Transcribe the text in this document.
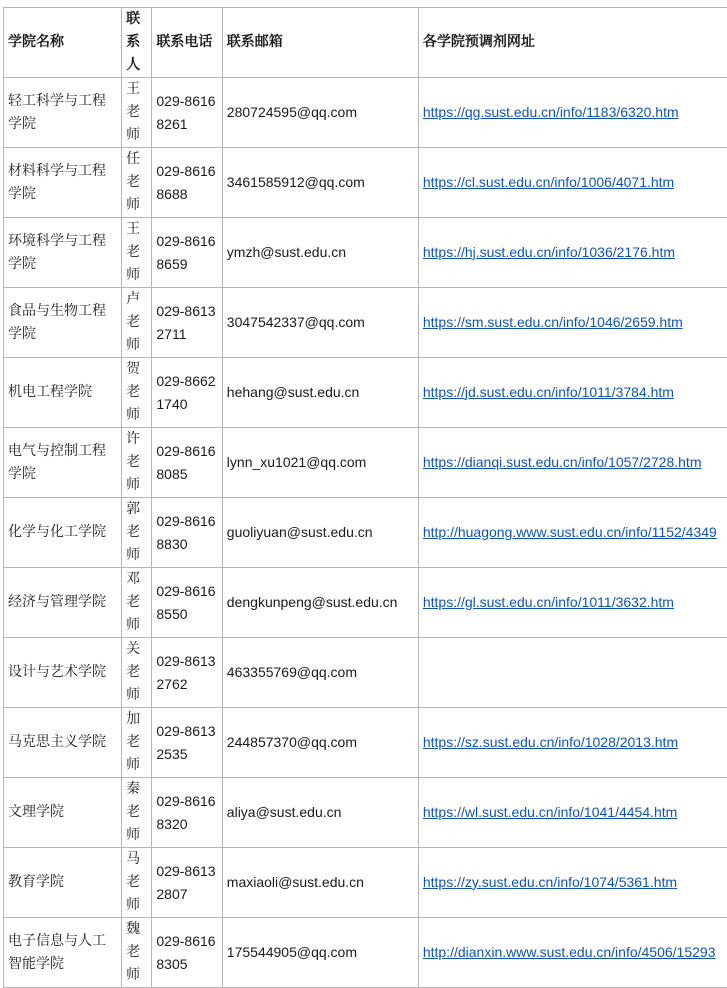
学院名称	联系人	联系电话	联系邮箱	各学院预调剂网址
轻工科学与工程学院	王老师	029-86168261	280724595@qq.com	https://qg.sust.edu.cn/info/1183/6320.htm
材料科学与工程学院	任老师	029-86168688	3461585912@qq.com	https://cl.sust.edu.cn/info/1006/4071.htm
环境科学与工程学院	王老师	029-86168659	ymzh@sust.edu.cn	https://hj.sust.edu.cn/info/1036/2176.htm
食品与生物工程学院	卢老师	029-86132711	3047542337@qq.com	https://sm.sust.edu.cn/info/1046/2659.htm
机电工程学院	贺老师	029-86621740	hehang@sust.edu.cn	https://jd.sust.edu.cn/info/1011/3784.htm
电气与控制工程学院	许老师	029-86168085	lynn_xu1021@qq.com	https://dianqi.sust.edu.cn/info/1057/2728.htm
化学与化工学院	郭老师	029-86168830	guoliyuan@sust.edu.cn	http://huagong.www.sust.edu.cn/info/1152/4349
经济与管理学院	邓老师	029-86168550	dengkunpeng@sust.edu.cn	https://gl.sust.edu.cn/info/1011/3632.htm
设计与艺术学院	关老师	029-86132762	463355769@qq.com	
马克思主义学院	加老师	029-86132535	244857370@qq.com	https://sz.sust.edu.cn/info/1028/2013.htm
文理学院	秦老师	029-86168320	aliya@sust.edu.cn	https://wl.sust.edu.cn/info/1041/4454.htm
教育学院	马老师	029-86132807	maxiaoli@sust.edu.cn	https://zy.sust.edu.cn/info/1074/5361.htm
电子信息与人工智能学院	魏老师	029-86168305	175544905@qq.com	http://dianxin.www.sust.edu.cn/info/4506/15293
